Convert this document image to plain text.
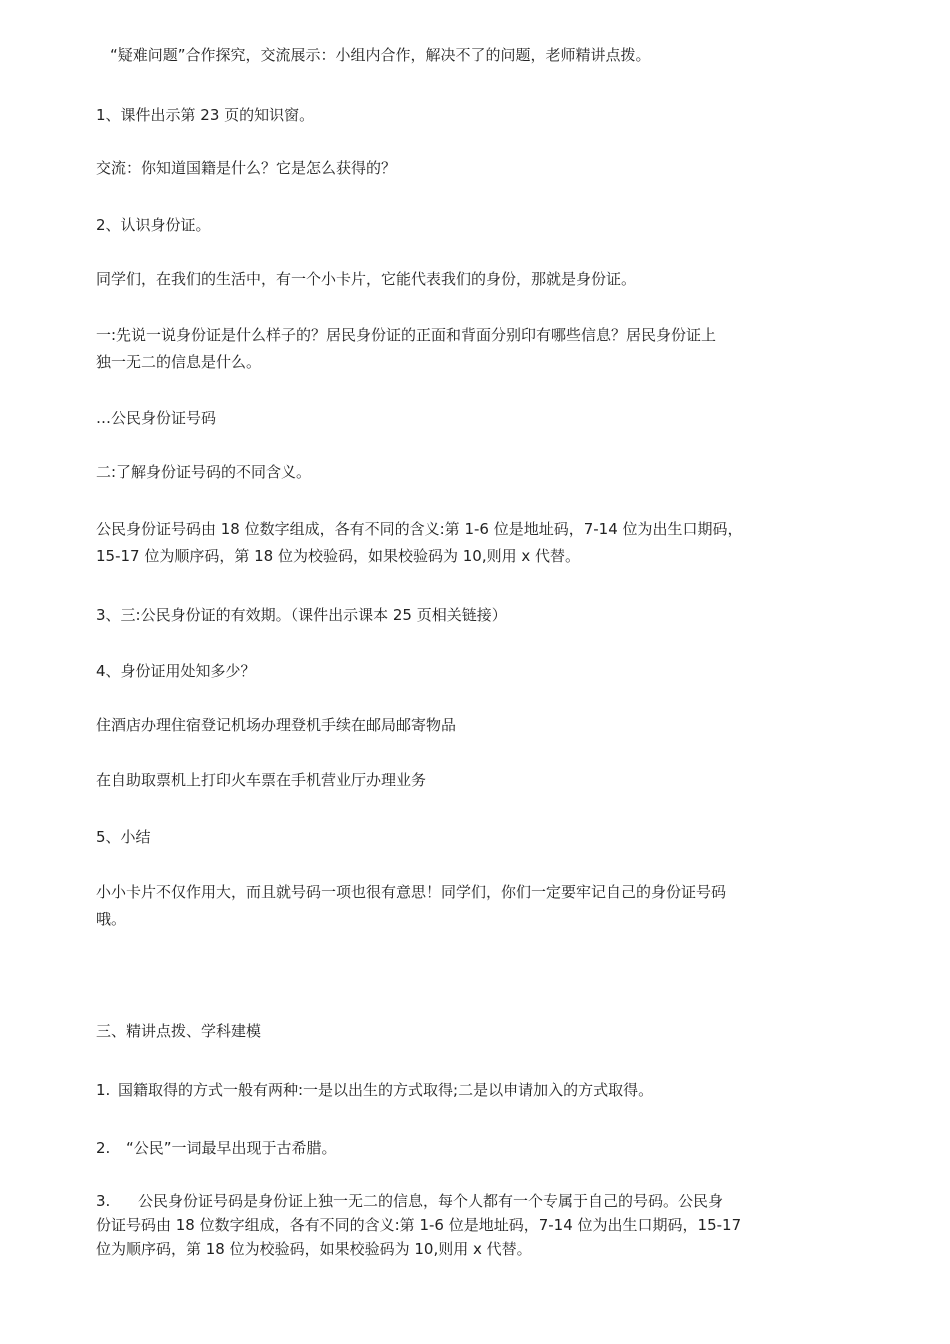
“疑难问题”合作探究，交流展示：小组内合作，解决不了的问题，老师精讲点拨。

1、课件出示第 23 页的知识窗。

交流：你知道国籍是什么？它是怎么获得的？

2、认识身份证。

同学们，在我们的生活中，有一个小卡片，它能代表我们的身份，那就是身份证。

一:先说一说身份证是什么样子的？居民身份证的正面和背面分别印有哪些信息？居民身份证上
独一无二的信息是什么。

…公民身份证号码

二:了解身份证号码的不同含义。

公民身份证号码由 18 位数字组成，各有不同的含义:第 1-6 位是地址码，7-14 位为出生口期码，
15-17 位为顺序码，第 18 位为校验码，如果校验码为 10,则用 x 代替。

3、三:公民身份证的有效期。（课件出示课本 25 页相关链接）

4、身份证用处知多少？

住酒店办理住宿登记机场办理登机手续在邮局邮寄物品

在自助取票机上打印火车票在手机营业厅办理业务

5、小结

小小卡片不仅作用大，而且就号码一项也很有意思！同学们，你们一定要牢记自己的身份证号码
哦。

三、精讲点拨、学科建模

1. 国籍取得的方式一般有两种:一是以出生的方式取得;二是以申请加入的方式取得。
2. “公民”一词最早出现于古希腊。
3. 公民身份证号码是身份证上独一无二的信息，每个人都有一个专属于自己的号码。公民身
份证号码由 18 位数字组成，各有不同的含义:第 1-6 位是地址码，7-14 位为出生口期码，15-17
位为顺序码，第 18 位为校验码，如果校验码为 10,则用 x 代替。
